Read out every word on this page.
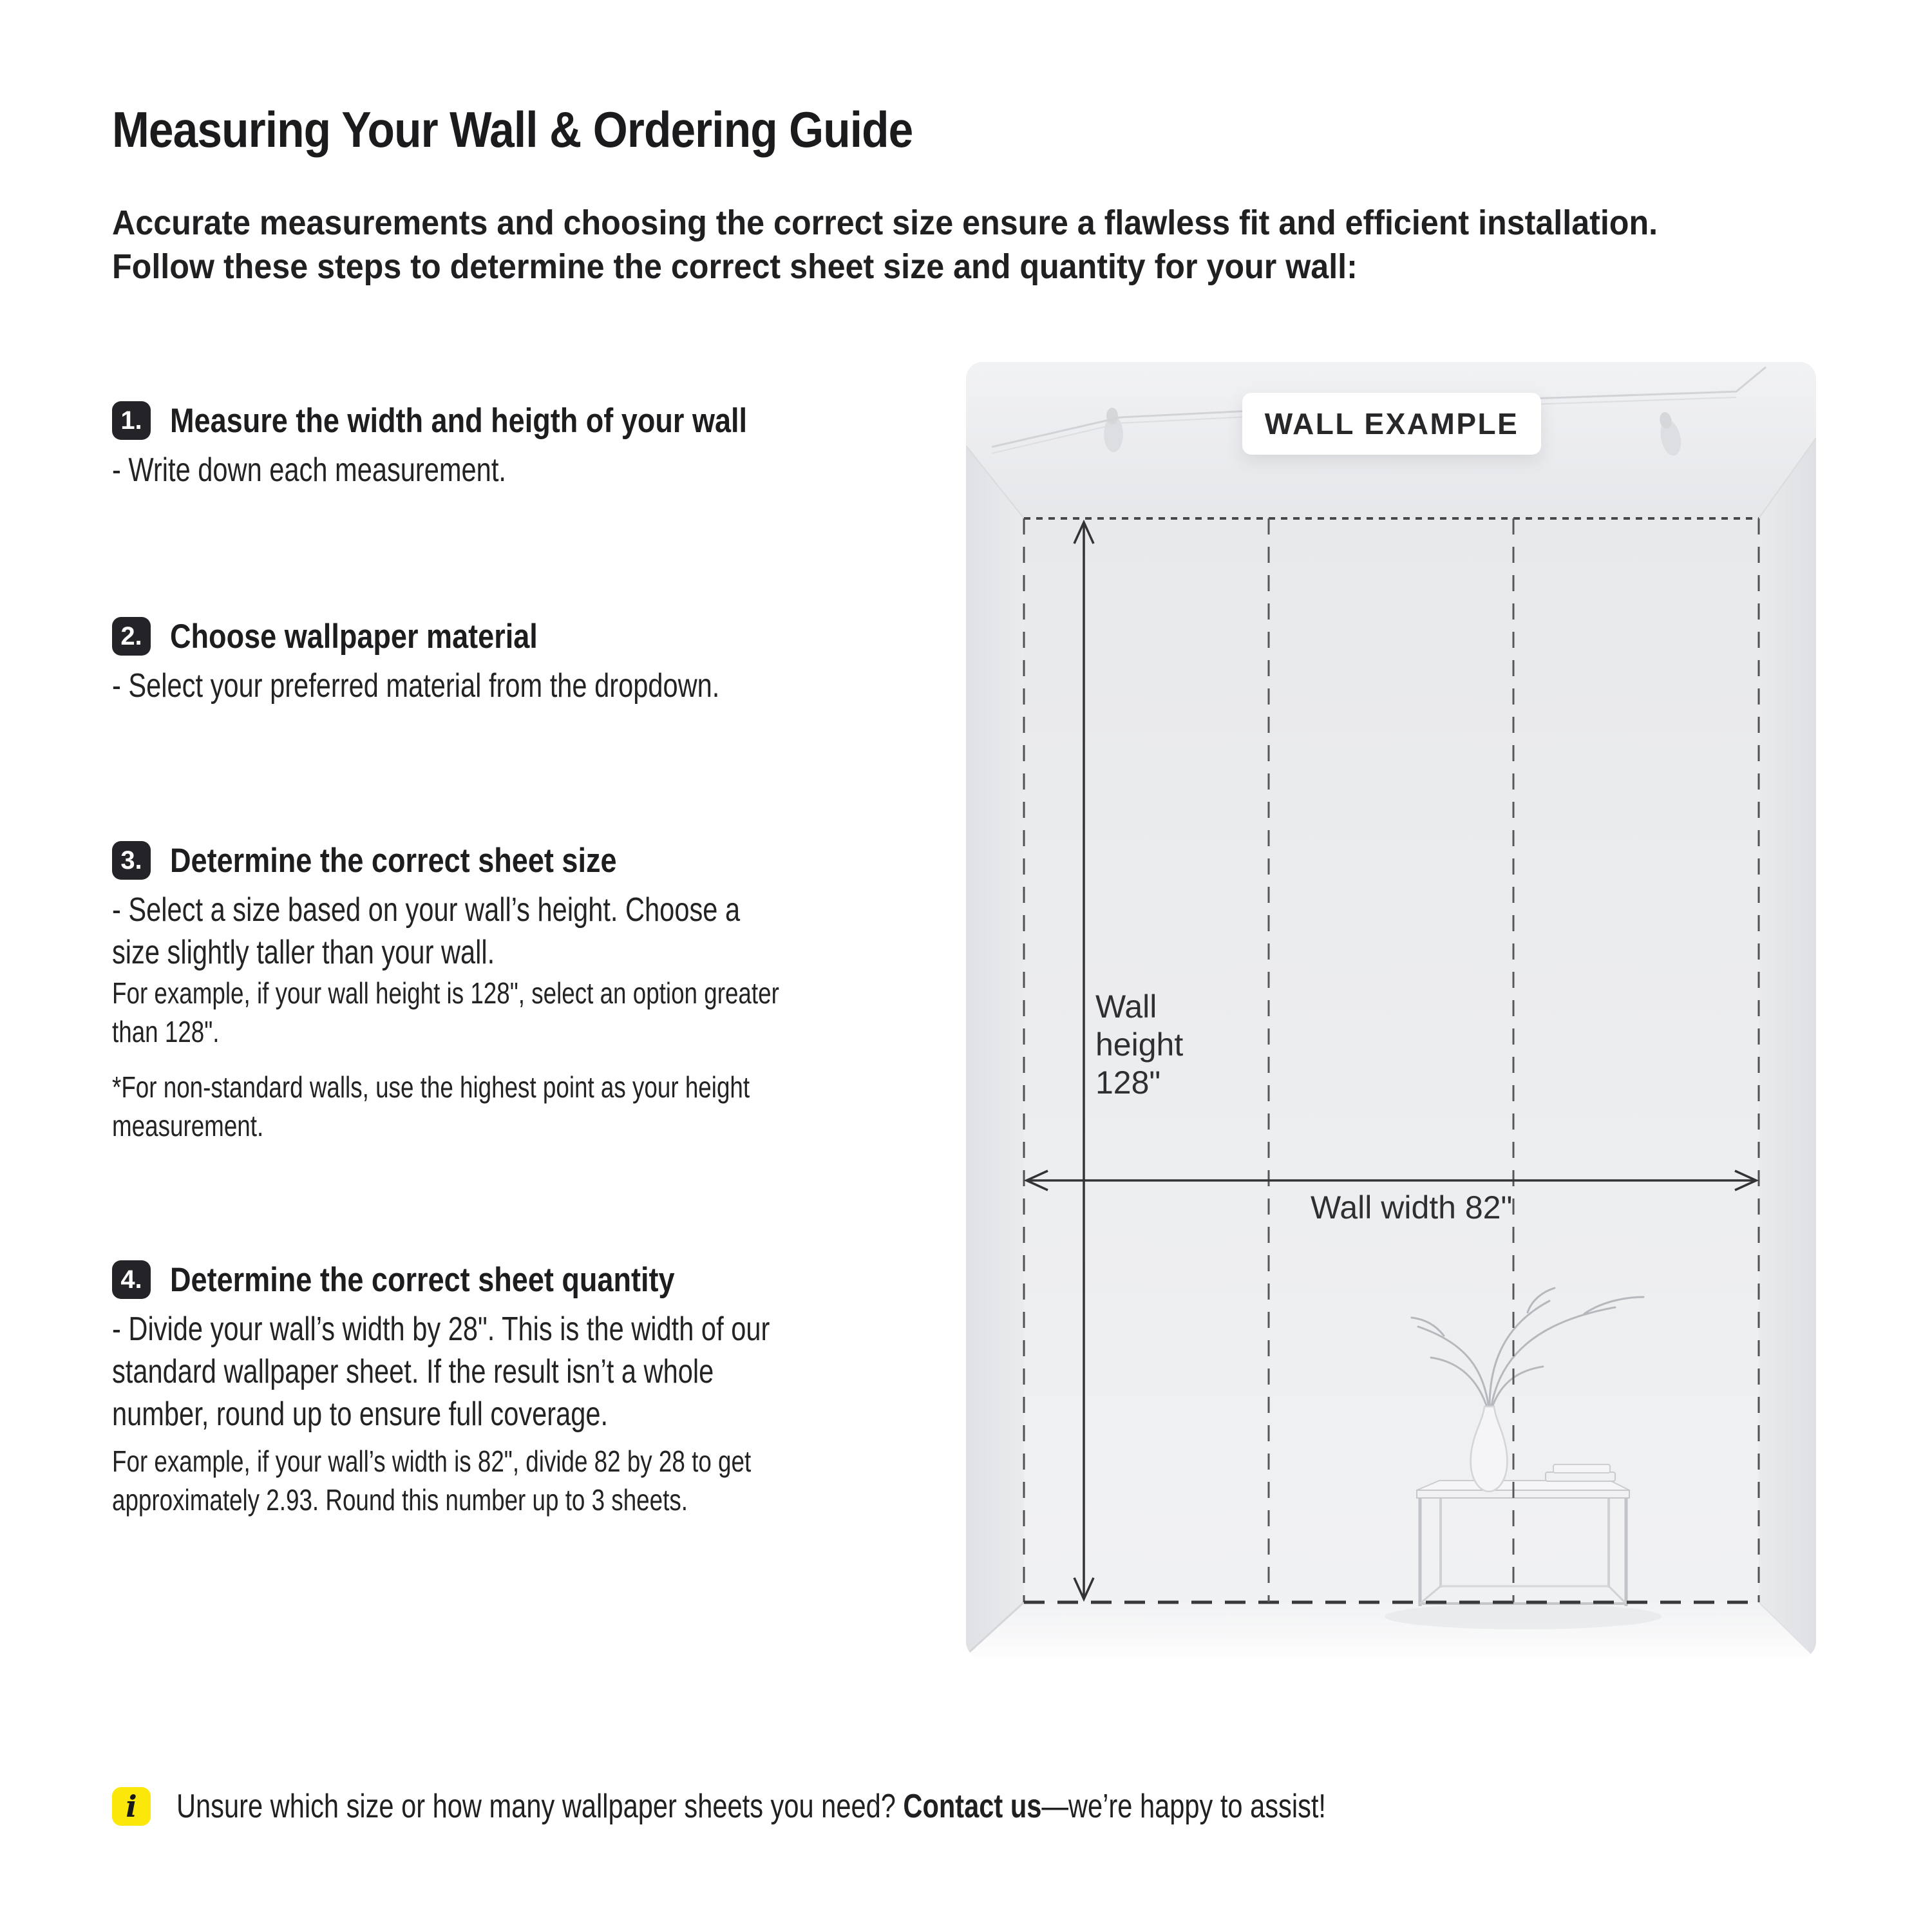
Measuring Your Wall & Ordering Guide
Accurate measurements and choosing the correct size ensure a flawless fit and efficient installation.
Follow these steps to determine the correct sheet size and quantity for your wall:
1. Measure the width and heigth of your wall

- Write down each measurement.

2. Choose wallpaper material

- Select your preferred material from the dropdown.

3. Determine the correct sheet size

- Select a size based on your wall’s height. Choose a

size slightly taller than your wall.

For example, if your wall height is 128", select an option greater

than 128".

*For non-standard walls, use the highest point as your height

measurement.

4. Determine the correct sheet quantity

- Divide your wall’s width by 28". This is the width of our

standard wallpaper sheet. If the result isn’t a whole

number, round up to ensure full coverage.

For example, if your wall’s width is 82", divide 82 by 28 to get

approximately 2.93. Round this number up to 3 sheets.

WALL EXAMPLE
Wall height 128"
Wall width 82"
i	Unsure which size or how many wallpaper sheets you need? Contact us—we’re happy to assist!
